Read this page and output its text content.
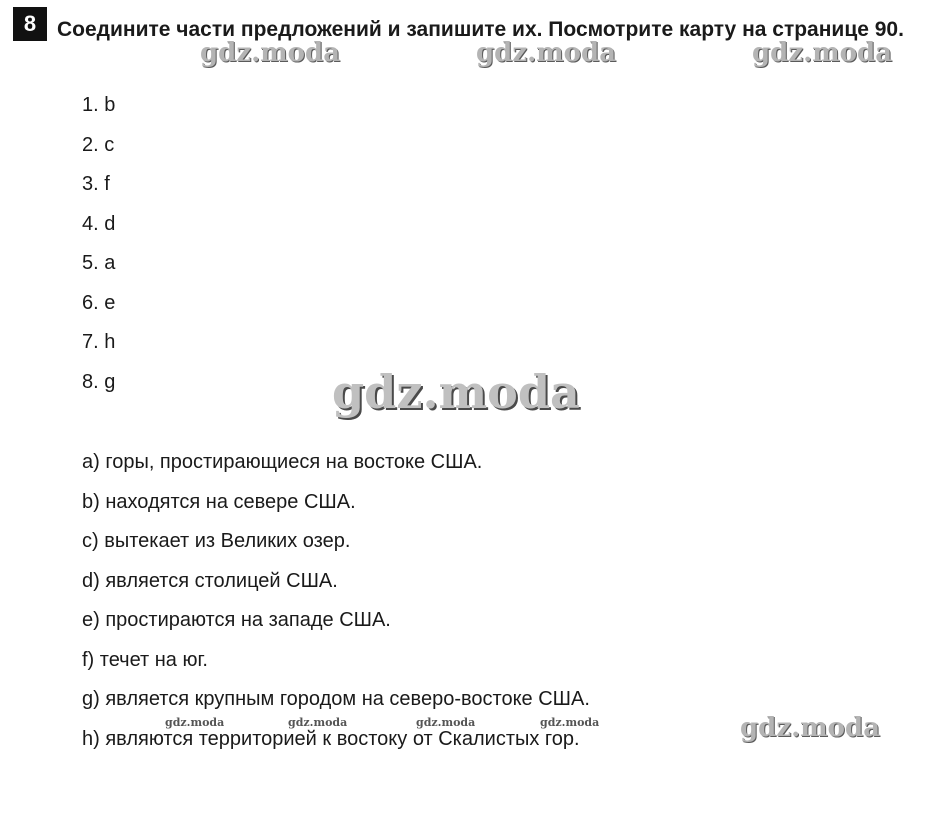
8 Соедините части предложений и запишите их. Посмотрите карту на странице 90.

1. b
2. c
3. f
4. d
5. a
6. e
7. h
8. g
a) горы, простирающиеся на востоке США.
b) находятся на севере США.
c) вытекает из Великих озер.
d) является столицей США.
e) простираются на западе США.
f) течет на юг.
g) является крупным городом на северо-востоке США.
h) являются территорией к востоку от Скалистых гор.
gdz.moda	gdz.moda	gdz.moda
gdz.moda
gdz.moda
gdz.moda	gdz.moda	gdz.moda	gdz.moda
